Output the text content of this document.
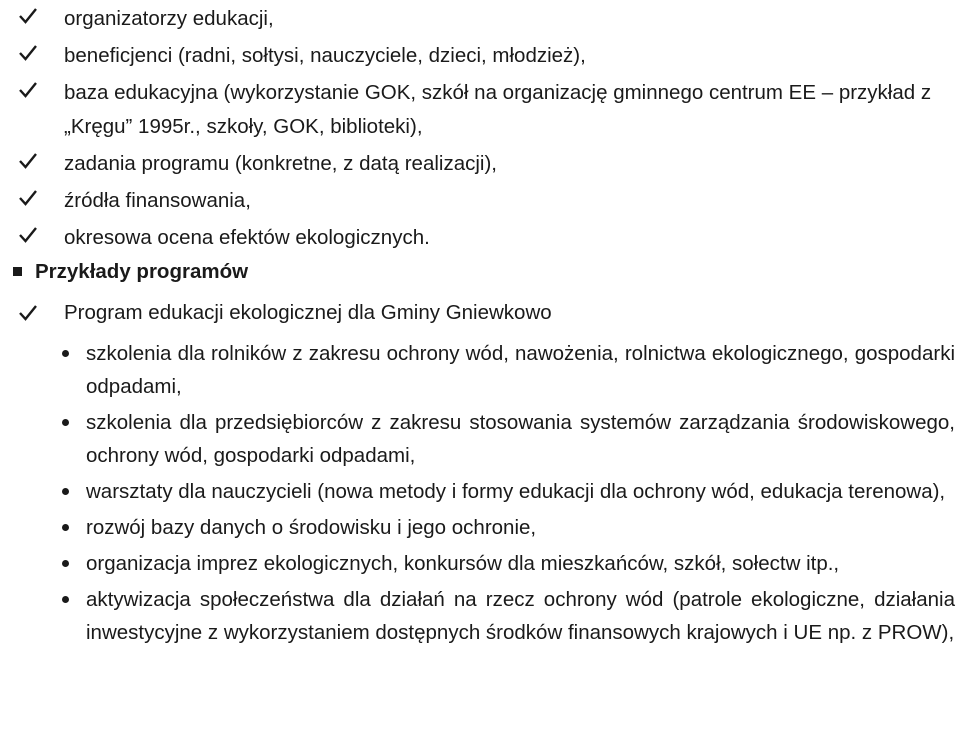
organizatorzy edukacji,
beneficjenci (radni, sołtysi, nauczyciele, dzieci, młodzież),
baza edukacyjna (wykorzystanie GOK, szkół na organizację gminnego centrum EE – przykład z „Kręgu” 1995r., szkoły, GOK, biblioteki),
zadania programu (konkretne, z datą realizacji),
źródła finansowania,
okresowa ocena efektów ekologicznych.
Przykłady programów
Program edukacji ekologicznej dla Gminy Gniewkowo
szkolenia dla rolników z zakresu ochrony wód, nawożenia, rolnictwa ekologicznego, gospodarki odpadami,
szkolenia dla przedsiębiorców z zakresu stosowania systemów zarządzania środowiskowego, ochrony wód, gospodarki odpadami,
warsztaty dla nauczycieli (nowa metody i formy edukacji dla ochrony wód, edukacja terenowa),
rozwój bazy danych o środowisku i jego ochronie,
organizacja imprez ekologicznych, konkursów dla mieszkańców, szkół, sołectw itp.,
aktywizacja społeczeństwa dla działań na rzecz ochrony wód (patrole ekologiczne, działania inwestycyjne z wykorzystaniem dostępnych środków finansowych krajowych i UE np. z PROW),
